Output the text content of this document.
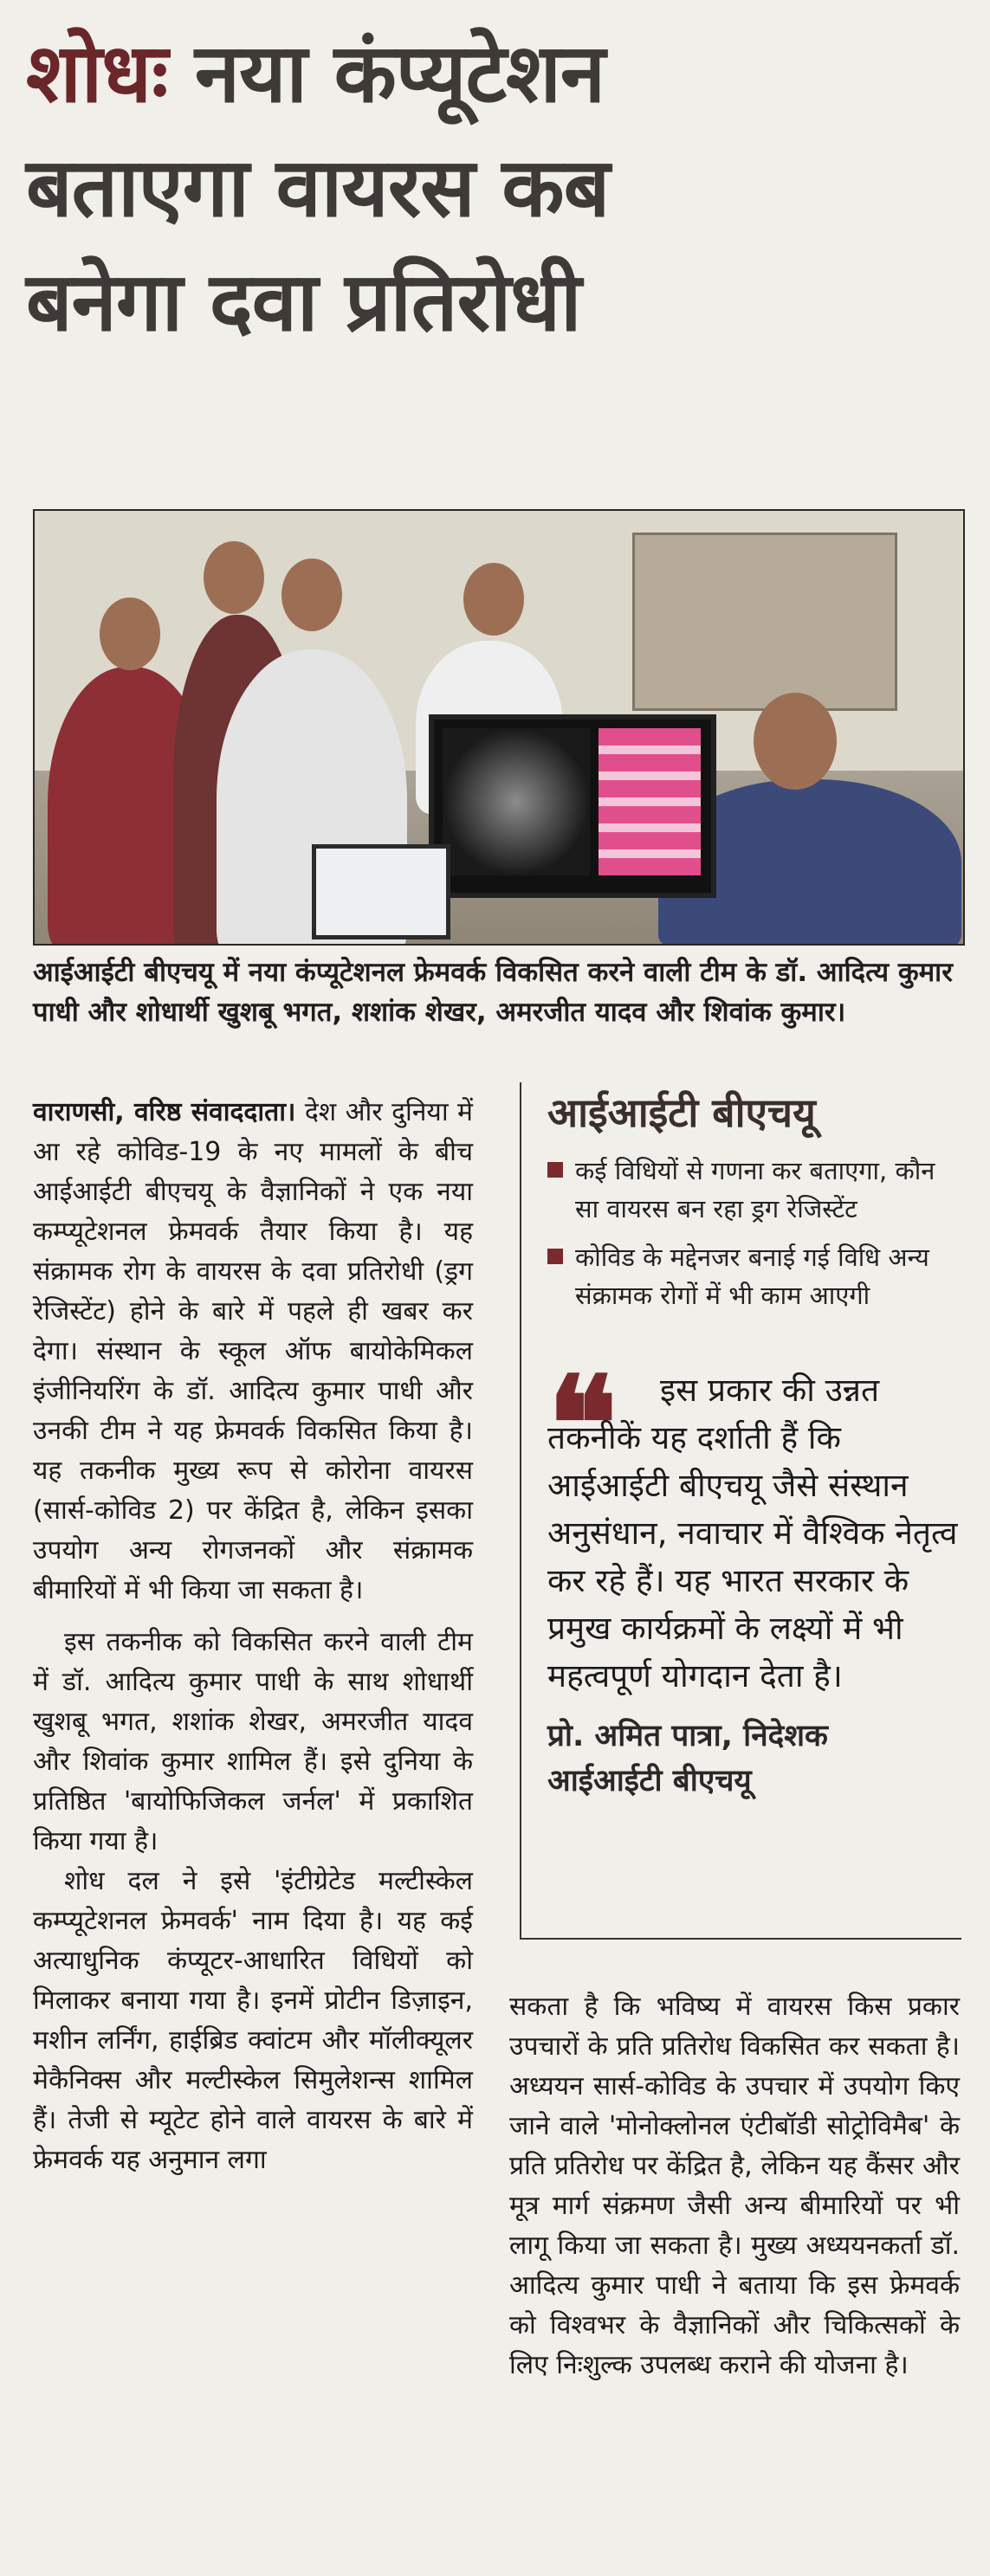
शोधः नया कंप्यूटेशन
बताएगा वायरस कब
बनेगा दवा प्रतिरोधी
आईआईटी बीएचयू में नया कंप्यूटेशनल फ्रेमवर्क विकसित करने वाली टीम के डॉ. आदित्य कुमार पाधी और शोधार्थी खुशबू भगत, शशांक शेखर, अमरजीत यादव और शिवांक कुमार।

वाराणसी, वरिष्ठ संवाददाता। देश और दुनिया में आ रहे कोविड-19 के नए मामलों के बीच आईआईटी बीएचयू के वैज्ञानिकों ने एक नया कम्प्यूटेशनल फ्रेमवर्क तैयार किया है। यह संक्रामक रोग के वायरस के दवा प्रतिरोधी (ड्रग रेजिस्टेंट) होने के बारे में पहले ही खबर कर देगा। संस्थान के स्कूल ऑफ बायोकेमिकल इंजीनियरिंग के डॉ. आदित्य कुमार पाधी और उनकी टीम ने यह फ्रेमवर्क विकसित किया है। यह तकनीक मुख्य रूप से कोरोना वायरस (सार्स-कोविड 2) पर केंद्रित है, लेकिन इसका उपयोग अन्य रोगजनकों और संक्रामक बीमारियों में भी किया जा सकता है।

इस तकनीक को विकसित करने वाली टीम में डॉ. आदित्य कुमार पाधी के साथ शोधार्थी खुशबू भगत, शशांक शेखर, अमरजीत यादव और शिवांक कुमार शामिल हैं। इसे दुनिया के प्रतिष्ठित 'बायोफिजिकल जर्नल' में प्रकाशित किया गया है।

शोध दल ने इसे 'इंटीग्रेटेड मल्टीस्केल कम्प्यूटेशनल फ्रेमवर्क' नाम दिया है। यह कई अत्याधुनिक कंप्यूटर-आधारित विधियों को मिलाकर बनाया गया है। इनमें प्रोटीन डिज़ाइन, मशीन लर्निंग, हाईब्रिड क्वांटम और मॉलीक्यूलर मेकैनिक्स और मल्टीस्केल सिमुलेशन्स शामिल हैं। तेजी से म्यूटेट होने वाले वायरस के बारे में फ्रेमवर्क यह अनुमान लगा

आईआईटी बीएचयू
कई विधियों से गणना कर बताएगा, कौन सा वायरस बन रहा ड्रग रेजिस्टेंट
कोविड के मद्देनजर बनाई गई विधि अन्य संक्रामक रोगों में भी काम आएगी
❝	इस प्रकार की उन्नत तकनीकें यह दर्शाती हैं कि आईआईटी बीएचयू जैसे संस्थान अनुसंधान, नवाचार में वैश्विक नेतृत्व कर रहे हैं। यह भारत सरकार के प्रमुख कार्यक्रमों के लक्ष्यों में भी महत्वपूर्ण योगदान देता है।
प्रो. अमित पात्रा, निदेशक
आईआईटी बीएचयू

सकता है कि भविष्य में वायरस किस प्रकार उपचारों के प्रति प्रतिरोध विकसित कर सकता है। अध्ययन सार्स-कोविड के उपचार में उपयोग किए जाने वाले 'मोनोक्लोनल एंटीबॉडी सोट्रोविमैब' के प्रति प्रतिरोध पर केंद्रित है, लेकिन यह कैंसर और मूत्र मार्ग संक्रमण जैसी अन्य बीमारियों पर भी लागू किया जा सकता है। मुख्य अध्ययनकर्ता डॉ. आदित्य कुमार पाधी ने बताया कि इस फ्रेमवर्क को विश्वभर के वैज्ञानिकों और चिकित्सकों के लिए निःशुल्क उपलब्ध कराने की योजना है।
